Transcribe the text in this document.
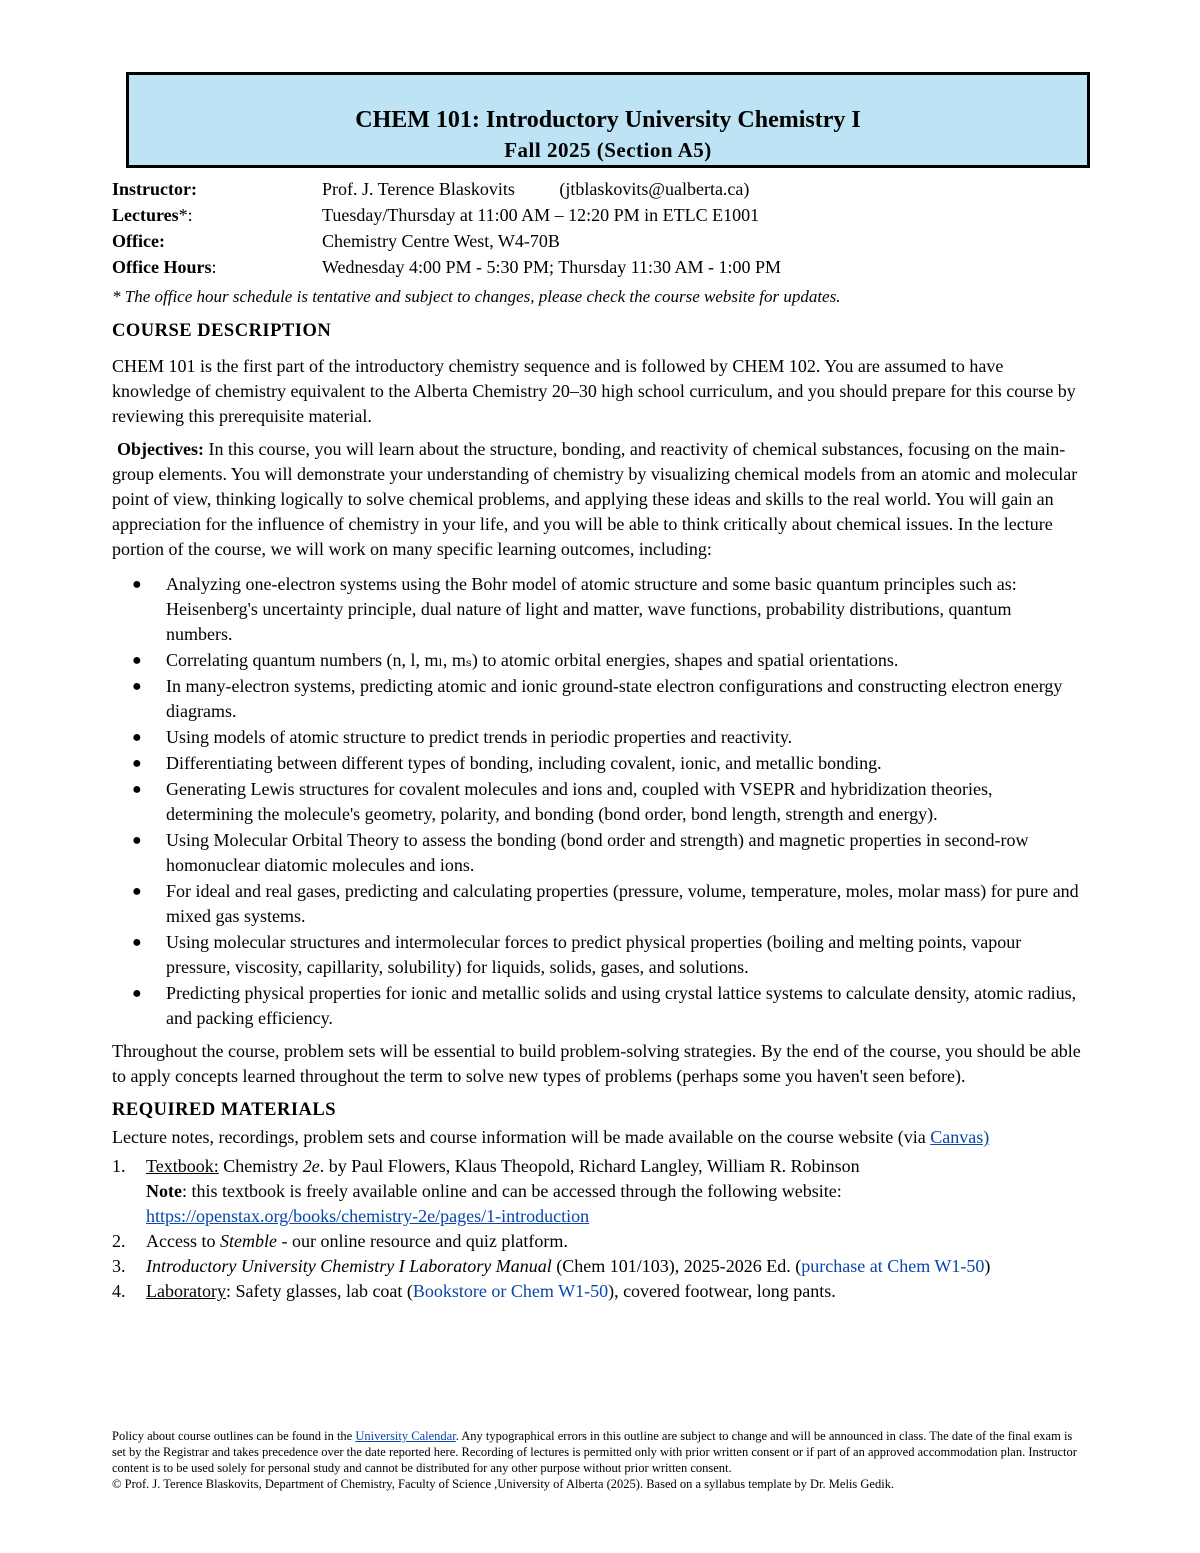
CHEM 101: Introductory University Chemistry I
Fall 2025 (Section A5)
Instructor:	Prof. J. Terence Blaskovits (jtblaskovits@ualberta.ca)
Lectures*:	Tuesday/Thursday at 11:00 AM – 12:20 PM in ETLC E1001
Office:	Chemistry Centre West, W4-70B
Office Hours:	Wednesday 4:00 PM - 5:30 PM; Thursday 11:30 AM - 1:00 PM
* The office hour schedule is tentative and subject to changes, please check the course website for updates.
COURSE DESCRIPTION

CHEM 101 is the first part of the introductory chemistry sequence and is followed by CHEM 102. You are assumed to have knowledge of chemistry equivalent to the Alberta Chemistry 20–30 high school curriculum, and you should prepare for this course by reviewing this prerequisite material.

Objectives: In this course, you will learn about the structure, bonding, and reactivity of chemical substances, focusing on the main-group elements. You will demonstrate your understanding of chemistry by visualizing chemical models from an atomic and molecular point of view, thinking logically to solve chemical problems, and applying these ideas and skills to the real world. You will gain an appreciation for the influence of chemistry in your life, and you will be able to think critically about chemical issues. In the lecture portion of the course, we will work on many specific learning outcomes, including:

● Analyzing one-electron systems using the Bohr model of atomic structure and some basic quantum principles such as: Heisenberg's uncertainty principle, dual nature of light and matter, wave functions, probability distributions, quantum numbers.
● Correlating quantum numbers (n, l, mₗ, mₛ) to atomic orbital energies, shapes and spatial orientations.
● In many-electron systems, predicting atomic and ionic ground-state electron configurations and constructing electron energy diagrams.
● Using models of atomic structure to predict trends in periodic properties and reactivity.
● Differentiating between different types of bonding, including covalent, ionic, and metallic bonding.
● Generating Lewis structures for covalent molecules and ions and, coupled with VSEPR and hybridization theories, determining the molecule's geometry, polarity, and bonding (bond order, bond length, strength and energy).
● Using Molecular Orbital Theory to assess the bonding (bond order and strength) and magnetic properties in second-row homonuclear diatomic molecules and ions.
● For ideal and real gases, predicting and calculating properties (pressure, volume, temperature, moles, molar mass) for pure and mixed gas systems.
● Using molecular structures and intermolecular forces to predict physical properties (boiling and melting points, vapour pressure, viscosity, capillarity, solubility) for liquids, solids, gases, and solutions.
● Predicting physical properties for ionic and metallic solids and using crystal lattice systems to calculate density, atomic radius, and packing efficiency.

Throughout the course, problem sets will be essential to build problem-solving strategies. By the end of the course, you should be able to apply concepts learned throughout the term to solve new types of problems (perhaps some you haven't seen before).

REQUIRED MATERIALS
Lecture notes, recordings, problem sets and course information will be made available on the course website (via Canvas)
1. Textbook: Chemistry 2e. by Paul Flowers, Klaus Theopold, Richard Langley, William R. Robinson
Note: this textbook is freely available online and can be accessed through the following website:
https://openstax.org/books/chemistry-2e/pages/1-introduction
2. Access to Stemble - our online resource and quiz platform.
3. Introductory University Chemistry I Laboratory Manual (Chem 101/103), 2025-2026 Ed. (purchase at Chem W1-50)
4. Laboratory: Safety glasses, lab coat (Bookstore or Chem W1-50), covered footwear, long pants.
Policy about course outlines can be found in the University Calendar. Any typographical errors in this outline are subject to change and will be announced in class. The date of the final exam is set by the Registrar and takes precedence over the date reported here. Recording of lectures is permitted only with prior written consent or if part of an approved accommodation plan. Instructor content is to be used solely for personal study and cannot be distributed for any other purpose without prior written consent.
© Prof. J. Terence Blaskovits, Department of Chemistry, Faculty of Science ,University of Alberta (2025). Based on a syllabus template by Dr. Melis Gedik.
